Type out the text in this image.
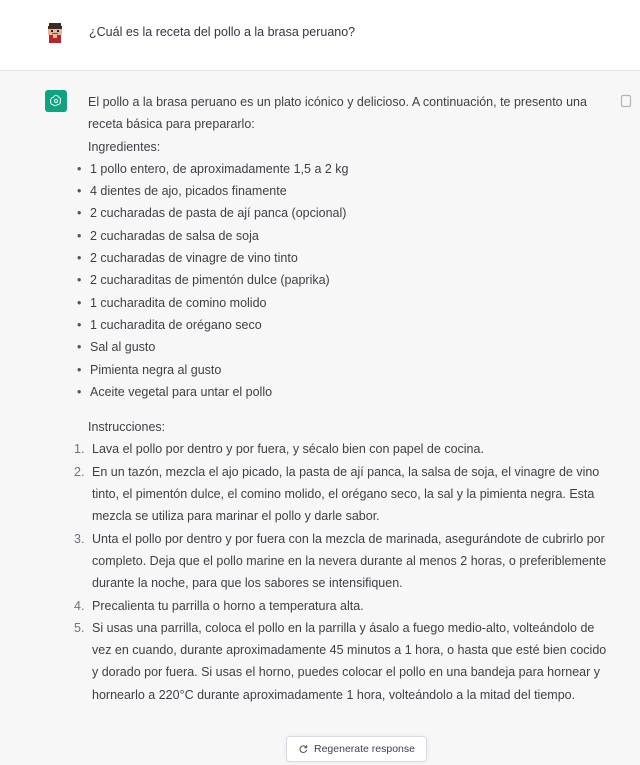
¿Cuál es la receta del pollo a la brasa peruano?

El pollo a la brasa peruano es un plato icónico y delicioso. A continuación, te presento una receta básica para prepararlo:

Ingredientes:

• 1 pollo entero, de aproximadamente 1,5 a 2 kg
• 4 dientes de ajo, picados finamente
• 2 cucharadas de pasta de ají panca (opcional)
• 2 cucharadas de salsa de soja
• 2 cucharadas de vinagre de vino tinto
• 2 cucharaditas de pimentón dulce (paprika)
• 1 cucharadita de comino molido
• 1 cucharadita de orégano seco
• Sal al gusto
• Pimienta negra al gusto
• Aceite vegetal para untar el pollo

Instrucciones:

1. Lava el pollo por dentro y por fuera, y sécalo bien con papel de cocina.
2. En un tazón, mezcla el ajo picado, la pasta de ají panca, la salsa de soja, el vinagre de vino tinto, el pimentón dulce, el comino molido, el orégano seco, la sal y la pimienta negra. Esta mezcla se utiliza para marinar el pollo y darle sabor.
3. Unta el pollo por dentro y por fuera con la mezcla de marinada, asegurándote de cubrirlo por completo. Deja que el pollo marine en la nevera durante al menos 2 horas, o preferiblemente durante la noche, para que los sabores se intensifiquen.
4. Precalienta tu parrilla o horno a temperatura alta.
5. Si usas una parrilla, coloca el pollo en la parrilla y ásalo a fuego medio-alto, volteándolo de vez en cuando, durante aproximadamente 45 minutos a 1 hora, o hasta que esté bien cocido y dorado por fuera. Si usas el horno, puedes colocar el pollo en una bandeja para hornear y hornearlo a 220°C durante aproximadamente 1 hora, volteándolo a la mitad del tiempo.
Regenerate response
